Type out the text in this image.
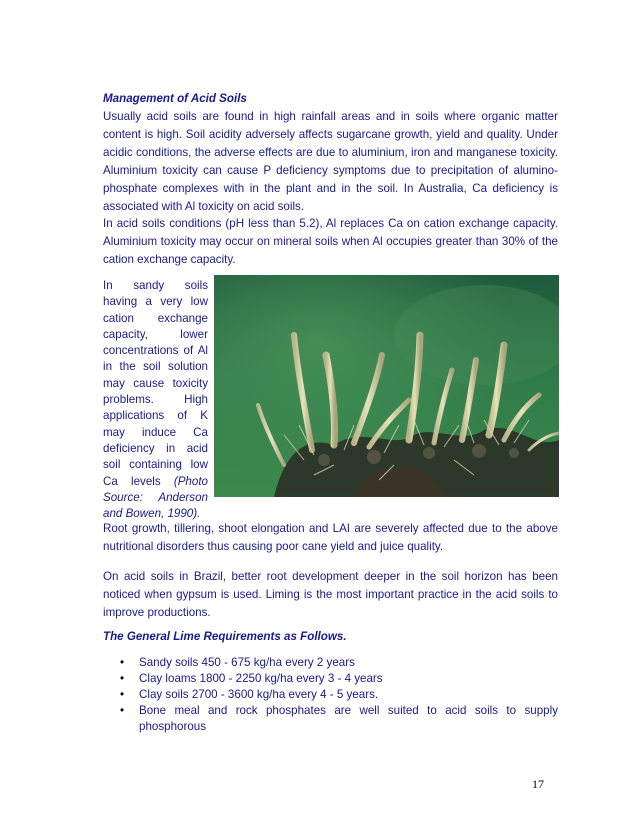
Management of Acid Soils

Usually acid soils are found in high rainfall areas and in soils where organic matter content is high. Soil acidity adversely affects sugarcane growth, yield and quality. Under acidic conditions, the adverse effects are due to aluminium, iron and manganese toxicity. Aluminium toxicity can cause P deficiency symptoms due to precipitation of alumino-phosphate complexes with in the plant and in the soil. In Australia, Ca deficiency is associated with Al toxicity on acid soils.

In acid soils conditions (pH less than 5.2), Al replaces Ca on cation exchange capacity. Aluminium toxicity may occur on mineral soils when Al occupies greater than 30% of the cation exchange capacity.

In sandy soils having a very low cation exchange capacity, lower concentrations of Al in the soil solution may cause toxicity problems. High applications of K may induce Ca deficiency in acid soil containing low Ca levels (Photo Source: Anderson and Bowen, 1990).

Root growth, tillering, shoot elongation and LAI are severely affected due to the above nutritional disorders thus causing poor cane yield and juice quality.

On acid soils in Brazil, better root development deeper in the soil horizon has been noticed when gypsum is used. Liming is the most important practice in the acid soils to improve productions.

The General Lime Requirements as Follows.
• Sandy soils 450 - 675 kg/ha every 2 years
• Clay loams 1800 - 2250 kg/ha every 3 - 4 years
• Clay soils 2700 - 3600 kg/ha every 4 - 5 years.
• Bone meal and rock phosphates are well suited to acid soils to supply phosphorous
17
